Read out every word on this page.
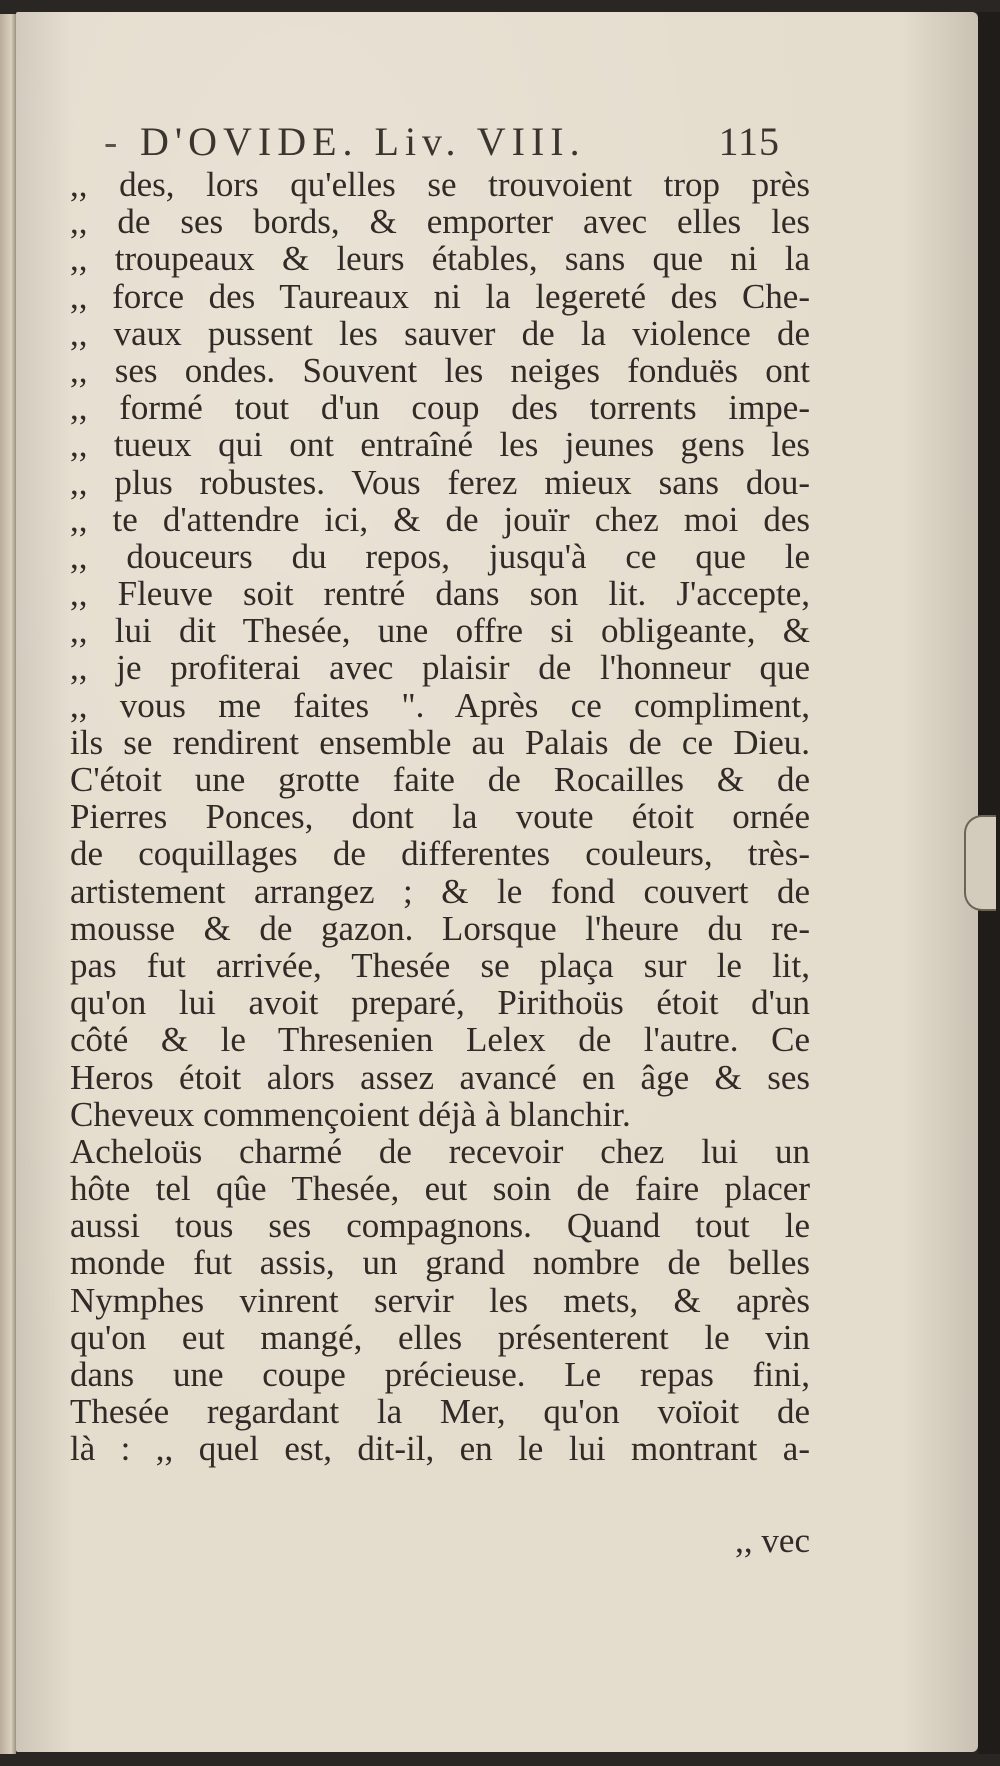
- D'OVIDE. Liv. VIII.	115
,, des, lors qu'elles se trouvoient trop près
,, de ses bords, & emporter avec elles les
,, troupeaux & leurs étables, sans que ni la
,, force des Taureaux ni la legereté des Che-
,, vaux pussent les sauver de la violence de
,, ses ondes. Souvent les neiges fonduës ont
,, formé tout d'un coup des torrents impe-
,, tueux qui ont entraîné les jeunes gens les
,, plus robustes. Vous ferez mieux sans dou-
,, te d'attendre ici, & de jouïr chez moi des
,, douceurs du repos, jusqu'à ce que le
,, Fleuve soit rentré dans son lit. J'accepte,
,, lui dit Thesée, une offre si obligeante, &
,, je profiterai avec plaisir de l'honneur que
,, vous me faites ". Après ce compliment,
ils se rendirent ensemble au Palais de ce Dieu.
C'étoit une grotte faite de Rocailles & de
Pierres Ponces, dont la voute étoit ornée
de coquillages de differentes couleurs, très-
artistement arrangez ; & le fond couvert de
mousse & de gazon. Lorsque l'heure du re-
pas fut arrivée, Thesée se plaça sur le lit,
qu'on lui avoit preparé, Pirithoüs étoit d'un
côté & le Thresenien Lelex de l'autre. Ce
Heros étoit alors assez avancé en âge & ses
Cheveux commençoient déjà à blanchir.
Acheloüs charmé de recevoir chez lui un
hôte tel qûe Thesée, eut soin de faire placer
aussi tous ses compagnons. Quand tout le
monde fut assis, un grand nombre de belles
Nymphes vinrent servir les mets, & après
qu'on eut mangé, elles présenterent le vin
dans une coupe précieuse. Le repas fini,
Thesée regardant la Mer, qu'on voïoit de
là : ,, quel est, dit-il, en le lui montrant a-
,, vec
